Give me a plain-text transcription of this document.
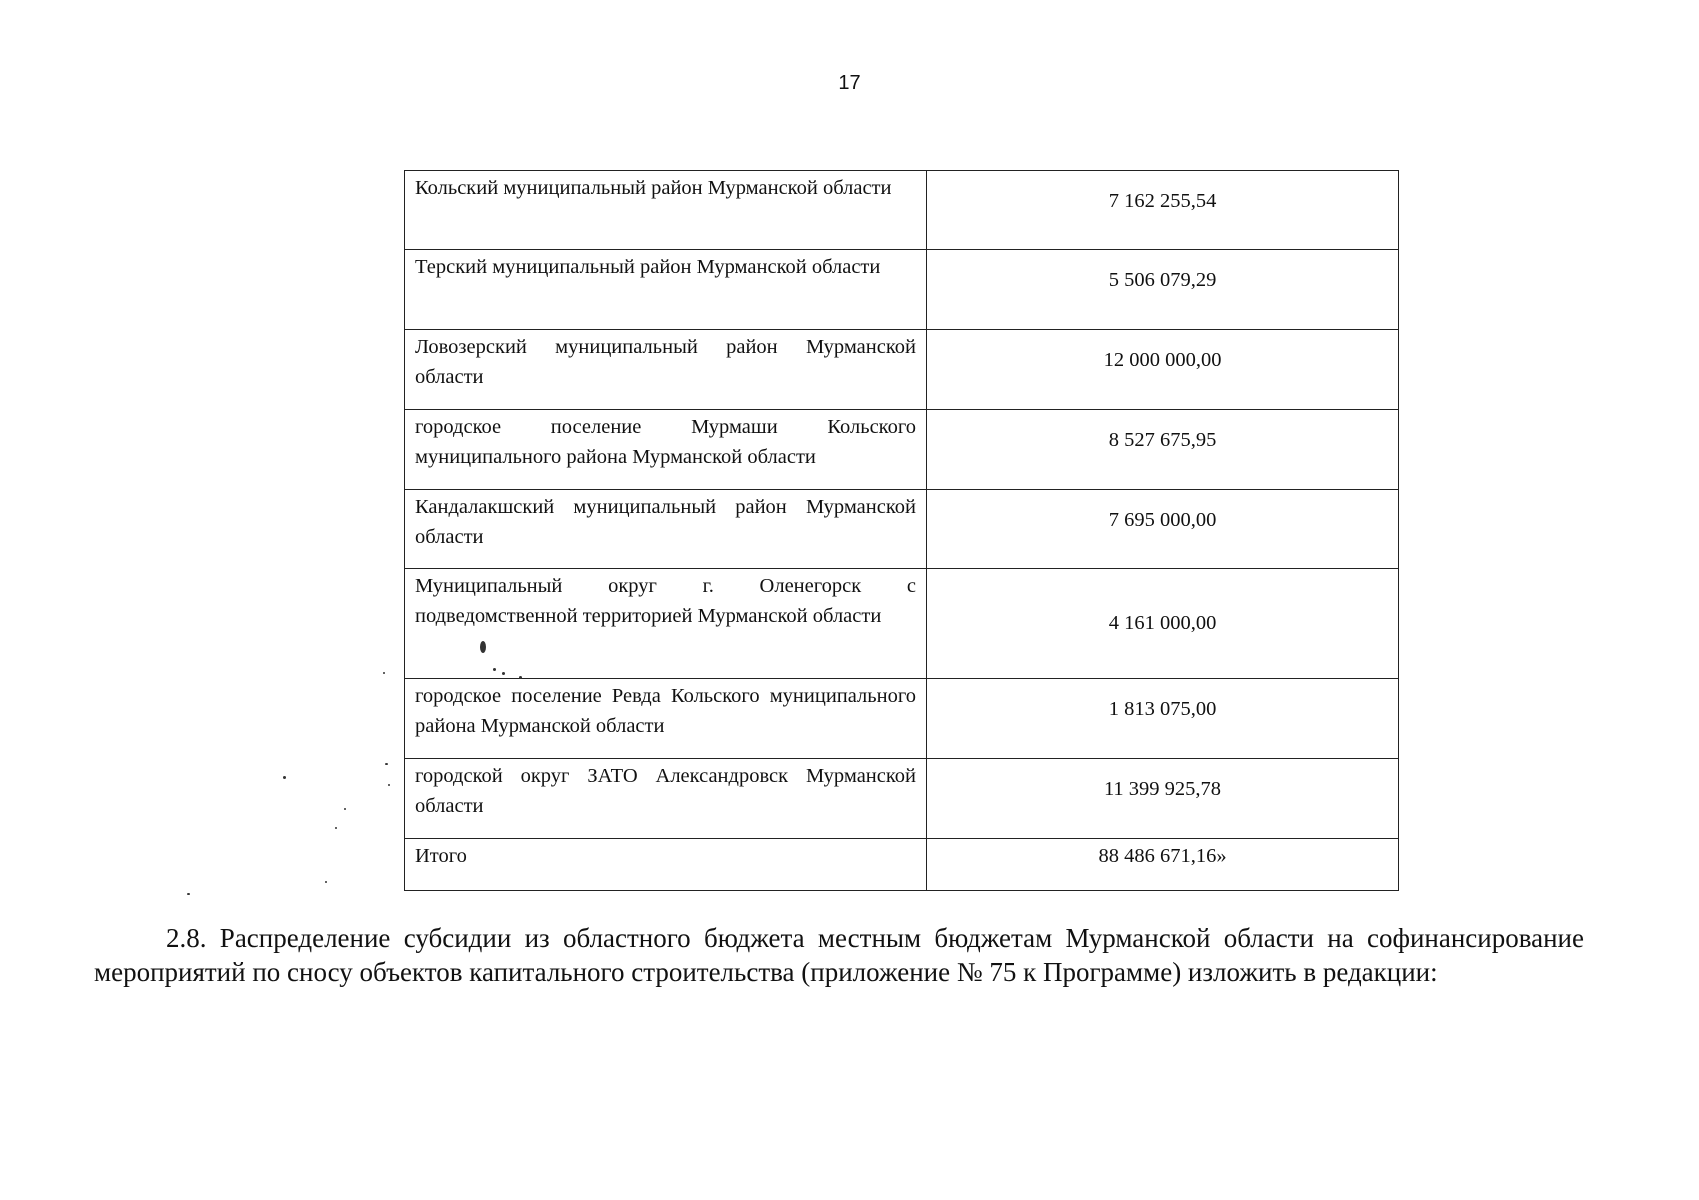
17
Кольский муниципальный район Мурманской области	7 162 255,54
Терский муниципальный район Мурманской области	5 506 079,29
Ловозерский муниципальный район Мурманской области	12 000 000,00
городское поселение Мурмаши Кольского муниципального района Мурманской области	8 527 675,95
Кандалакшский муниципальный район Мурманской области	7 695 000,00
Муниципальный округ г. Оленегорск с подведомственной территорией Мурманской области	4 161 000,00
городское поселение Ревда Кольского муниципального района Мурманской области	1 813 075,00
городской округ ЗАТО Александровск Мурманской области	11 399 925,78
Итого	88 486 671,16»
2.8. Распределение субсидии из областного бюджета местным бюджетам Мурманской области на софинансирование мероприятий по сносу объектов капитального строительства (приложение № 75 к Программе) изложить в редакции:
